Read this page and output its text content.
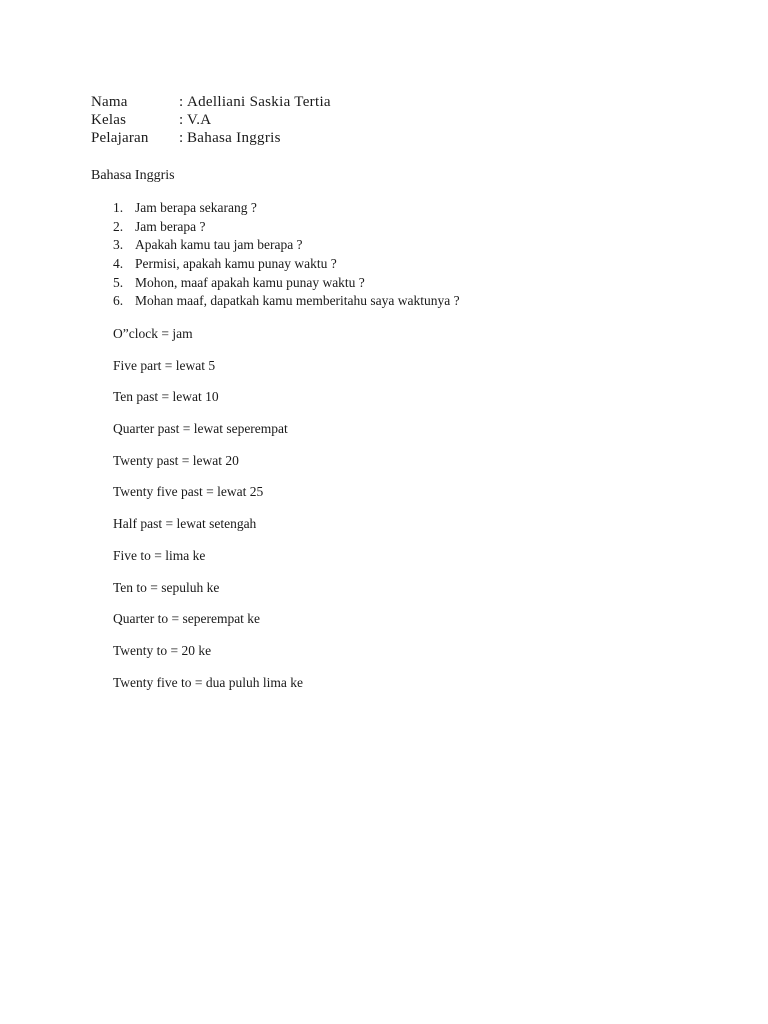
Nama	: Adelliani Saskia Tertia
Kelas	: V.A
Pelajaran	: Bahasa Inggris
Bahasa Inggris
1. Jam berapa sekarang ?
2. Jam berapa ?
3. Apakah kamu tau jam berapa ?
4. Permisi, apakah kamu punay waktu ?
5. Mohon, maaf apakah kamu punay waktu ?
6. Mohan maaf, dapatkah kamu memberitahu saya waktunya ?
O”clock = jam
Five part = lewat 5
Ten past = lewat 10
Quarter past = lewat seperempat
Twenty past = lewat 20
Twenty five past = lewat 25
Half past = lewat setengah
Five to = lima ke
Ten to = sepuluh ke
Quarter to = seperempat ke
Twenty to = 20 ke
Twenty five to = dua puluh lima ke
